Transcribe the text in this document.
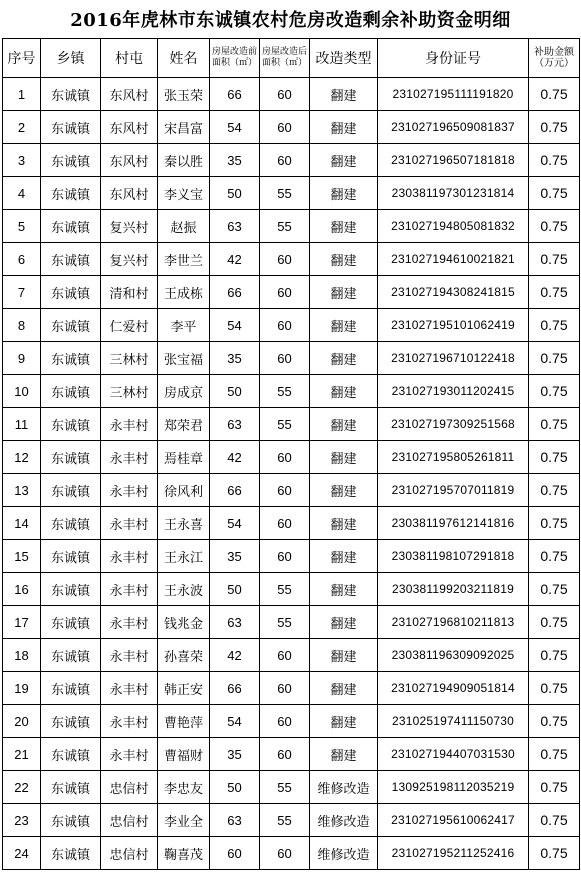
2016年虎林市东诚镇农村危房改造剩余补助资金明细
序号	乡镇	村屯	姓名	房屋改造前面积（㎡）	房屋改造后面积（㎡）	改造类型	身份证号	补助金额（万元）
1	东诚镇	东风村	张玉荣	66	60	翻建	231027195111191820	0.75
2	东诚镇	东风村	宋昌富	54	60	翻建	231027196509081837	0.75
3	东诚镇	东风村	秦以胜	35	60	翻建	231027196507181818	0.75
4	东诚镇	东风村	李义宝	50	55	翻建	230381197301231814	0.75
5	东诚镇	复兴村	赵振	63	55	翻建	231027194805081832	0.75
6	东诚镇	复兴村	李世兰	42	60	翻建	231027194610021821	0.75
7	东诚镇	清和村	王成栋	66	60	翻建	231027194308241815	0.75
8	东诚镇	仁爱村	李平	54	60	翻建	231027195101062419	0.75
9	东诚镇	三林村	张宝福	35	60	翻建	231027196710122418	0.75
10	东诚镇	三林村	房成京	50	55	翻建	231027193011202415	0.75
11	东诚镇	永丰村	郑荣君	63	55	翻建	231027197309251568	0.75
12	东诚镇	永丰村	焉桂章	42	60	翻建	231027195805261811	0.75
13	东诚镇	永丰村	徐风利	66	60	翻建	231027195707011819	0.75
14	东诚镇	永丰村	王永喜	54	60	翻建	230381197612141816	0.75
15	东诚镇	永丰村	王永江	35	60	翻建	230381198107291818	0.75
16	东诚镇	永丰村	王永波	50	55	翻建	230381199203211819	0.75
17	东诚镇	永丰村	钱兆金	63	55	翻建	231027196810211813	0.75
18	东诚镇	永丰村	孙喜荣	42	60	翻建	230381196309092025	0.75
19	东诚镇	永丰村	韩正安	66	60	翻建	231027194909051814	0.75
20	东诚镇	永丰村	曹艳萍	54	60	翻建	231025197411150730	0.75
21	东诚镇	永丰村	曹福财	35	60	翻建	231027194407031530	0.75
22	东诚镇	忠信村	李忠友	50	55	维修改造	130925198112035219	0.75
23	东诚镇	忠信村	李业全	63	55	维修改造	231027195610062417	0.75
24	东诚镇	忠信村	鞠喜茂	60	60	维修改造	231027195211252416	0.75
